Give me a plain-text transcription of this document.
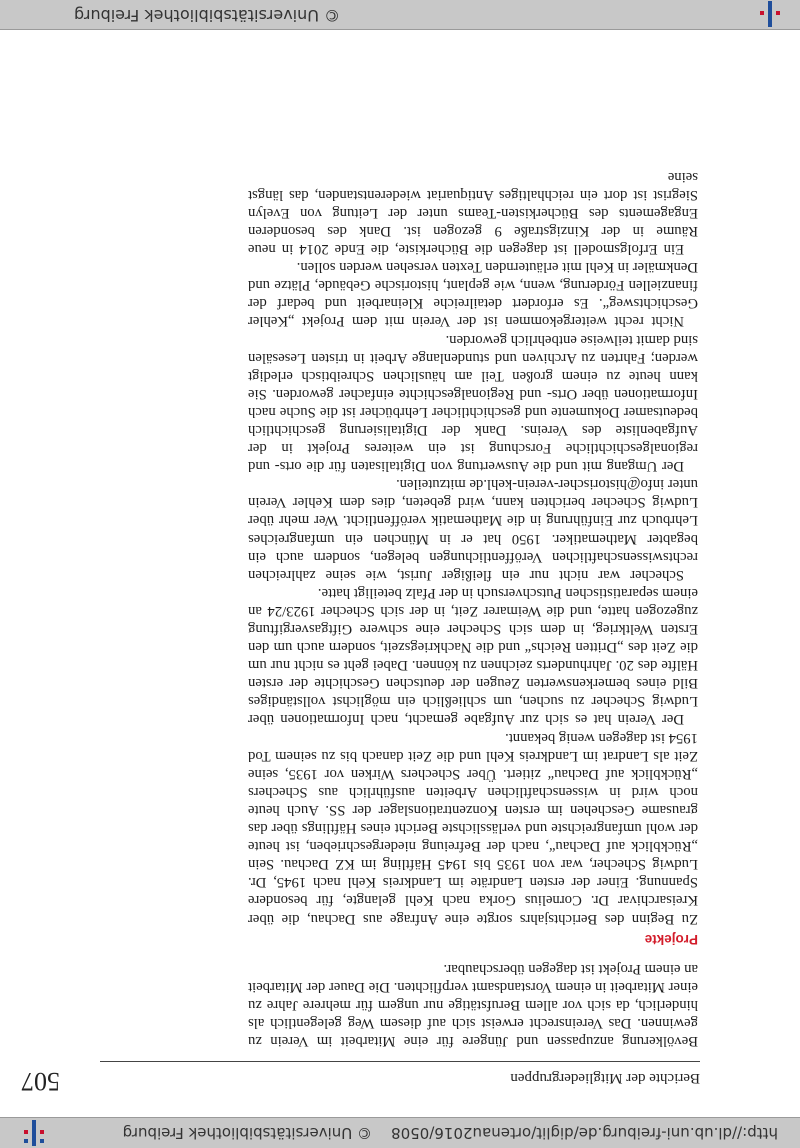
http://dl.ub.uni-freiburg.de/diglit/ortenau2016/0508    © Universitätsbibliothek Freiburg
Berichte der Mitgliedergruppen
507

Bevölkerung anzupassen und Jüngere für eine Mitarbeit im Verein zu gewinnen. Das Vereinsrecht erweist sich auf diesem Weg gelegentlich als hinderlich, da sich vor allem Berufstätige nur ungern für mehrere Jahre zu einer Mitarbeit in einem Vorstandsamt verpflichten. Die Dauer der Mitarbeit an einem Projekt ist dagegen überschaubar.

Projekte

Zu Beginn des Berichtsjahrs sorgte eine Anfrage aus Dachau, die über Kreisarchivar Dr. Cornelius Gorka nach Kehl gelangte, für besondere Spannung. Einer der ersten Landräte im Landkreis Kehl nach 1945, Dr. Ludwig Schecher, war von 1935 bis 1945 Häftling im KZ Dachau. Sein „Rückblick auf Dachau“, nach der Befreiung niedergeschrieben, ist heute der wohl umfangreichste und verlässlichste Bericht eines Häftlings über das grausame Geschehen im ersten Konzentrationslager der SS. Auch heute noch wird in wissenschaftlichen Arbeiten ausführlich aus Schechers „Rückblick auf Dachau“ zitiert. Über Schechers Wirken vor 1935, seine Zeit als Landrat im Landkreis Kehl und die Zeit danach bis zu seinem Tod 1954 ist dagegen wenig bekannt.

Der Verein hat es sich zur Aufgabe gemacht, nach Informationen über Ludwig Schecher zu suchen, um schließlich ein möglichst vollständiges Bild eines bemerkenswerten Zeugen der deutschen Geschichte der ersten Hälfte des 20. Jahrhunderts zeichnen zu können. Dabei geht es nicht nur um die Zeit des „Dritten Reichs“ und die Nachkriegszeit, sondern auch um den Ersten Weltkrieg, in dem sich Schecher eine schwere Giftgasvergiftung zugezogen hatte, und die Weimarer Zeit, in der sich Schecher 1923/24 an einem separatistischen Putschversuch in der Pfalz beteiligt hatte.

Schecher war nicht nur ein fleißiger Jurist, wie seine zahlreichen rechtswissenschaftlichen Veröffentlichungen belegen, sondern auch ein begabter Mathematiker. 1950 hat er in München ein umfangreiches Lehrbuch zur Einführung in die Mathematik veröffentlicht. Wer mehr über Ludwig Schecher berichten kann, wird gebeten, dies dem Kehler Verein unter info@historischer-verein-kehl.de mitzuteilen.

Der Umgang mit und die Auswertung von Digitalisaten für die orts- und regionalgeschichtliche Forschung ist ein weiteres Projekt in der Aufgabenliste des Vereins. Dank der Digitalisierung geschichtlich bedeutsamer Dokumente und geschichtlicher Lehrbücher ist die Suche nach Informationen über Orts- und Regionalgeschichte einfacher geworden. Sie kann heute zu einem großen Teil am häuslichen Schreibtisch erledigt werden; Fahrten zu Archiven und stundenlange Arbeit in tristen Lesesälen sind damit teilweise entbehrlich geworden.

Nicht recht weitergekommen ist der Verein mit dem Projekt „Kehler Geschichtsweg“. Es erfordert detailreiche Kleinarbeit und bedarf der finanziellen Förderung, wenn, wie geplant, historische Gebäude, Plätze und Denkmäler in Kehl mit erläuternden Texten versehen werden sollen.

Ein Erfolgsmodell ist dagegen die Bücherkiste, die Ende 2014 in neue Räume in der Kinzigstraße 9 gezogen ist. Dank des besonderen Engagements des Bücherkisten-Teams unter der Leitung von Evelyn Siegrist ist dort ein reichhaltiges Antiquariat wiederentstanden, das längst seine

© Universitätsbibliothek Freiburg
